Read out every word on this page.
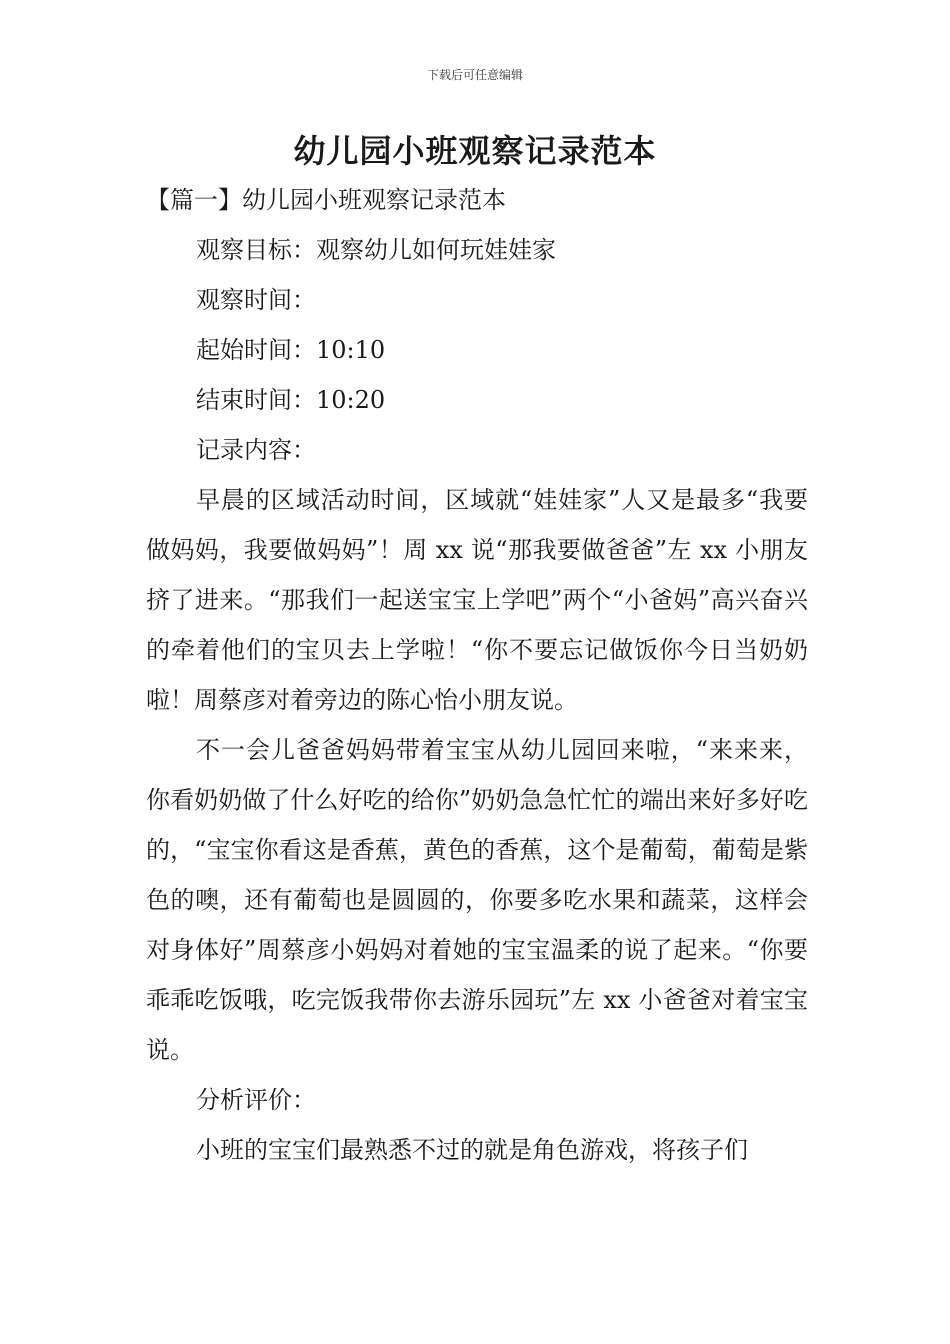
下载后可任意编辑
幼儿园小班观察记录范本

【篇一】幼儿园小班观察记录范本

观察目标：观察幼儿如何玩娃娃家

观察时间：

起始时间：10:10

结束时间：10:20

记录内容：

早晨的区域活动时间，区域就“娃娃家”人又是最多“我要做妈妈，我要做妈妈”！周 xx 说“那我要做爸爸”左 xx 小朋友挤了进来。“那我们一起送宝宝上学吧”两个“小爸妈”高兴奋兴的牵着他们的宝贝去上学啦！“你不要忘记做饭你今日当奶奶啦！周蔡彦对着旁边的陈心怡小朋友说。

不一会儿爸爸妈妈带着宝宝从幼儿园回来啦，“来来来，你看奶奶做了什么好吃的给你”奶奶急急忙忙的端出来好多好吃的，“宝宝你看这是香蕉，黄色的香蕉，这个是葡萄，葡萄是紫色的噢，还有葡萄也是圆圆的，你要多吃水果和蔬菜，这样会对身体好”周蔡彦小妈妈对着她的宝宝温柔的说了起来。“你要乖乖吃饭哦，吃完饭我带你去游乐园玩”左 xx 小爸爸对着宝宝说。

分析评价：

小班的宝宝们最熟悉不过的就是角色游戏，将孩子们
